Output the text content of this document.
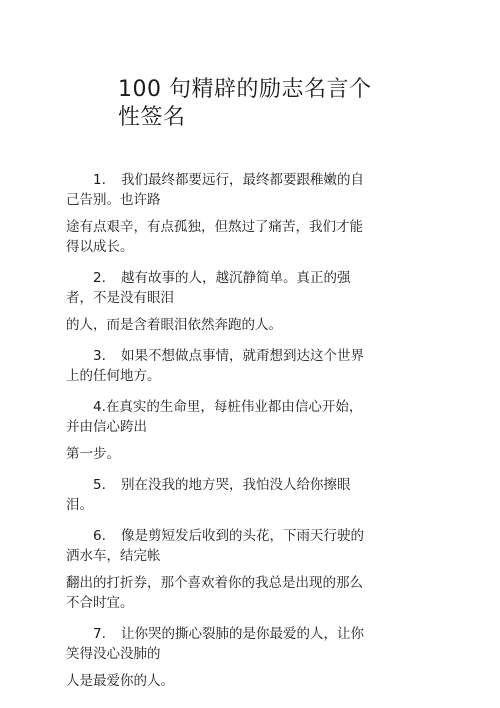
100 句精辟的励志名言个性签名

1. 我们最终都要远行，最终都要跟稚嫩的自己告别。也许路

途有点艰辛，有点孤独，但熬过了痛苦，我们才能得以成长。

2. 越有故事的人，越沉静简单。真正的强者，不是没有眼泪

的人，而是含着眼泪依然奔跑的人。

3. 如果不想做点事情，就甭想到达这个世界上的任何地方。

4.在真实的生命里，每桩伟业都由信心开始，并由信心跨出

第一步。

5. 别在没我的地方哭，我怕没人给你擦眼泪。

6. 像是剪短发后收到的头花，下雨天行驶的洒水车，结完帐

翻出的打折券，那个喜欢着你的我总是出现的那么不合时宜。

7. 让你哭的撕心裂肺的是你最爱的人，让你笑得没心没肺的

人是最爱你的人。
